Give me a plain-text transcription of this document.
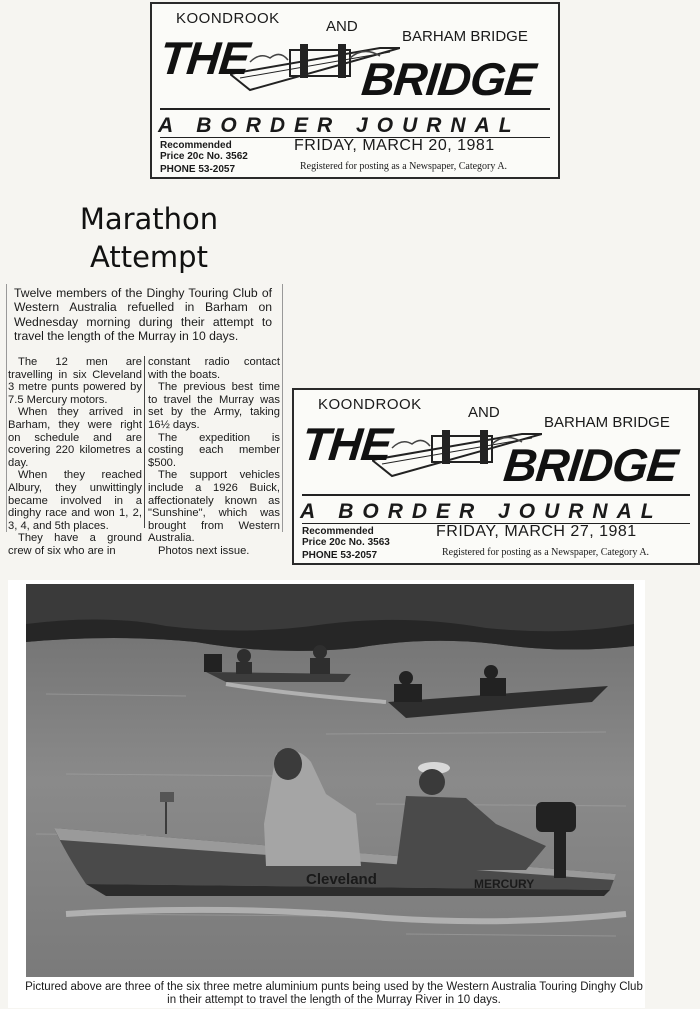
KOONDROOK	AND
BARHAM BRIDGE
THE BRIDGE
A BORDER JOURNAL
Recommended
Price 20c No. 3562
PHONE 53-2057
FRIDAY, MARCH 20, 1981
Registered for posting as a Newspaper, Category A.
Marathon Attempt
Twelve members of the Dinghy Touring Club of Western Australia refuelled in Barham on Wednesday morning during their attempt to travel the length of the Murray in 10 days.

The 12 men are travelling in six Cleveland 3 metre punts powered by 7.5 Mercury motors.

When they arrived in Barham, they were right on schedule and are covering 220 kilometres a day.

When they reached Albury, they unwittingly became involved in a dinghy race and won 1, 2, 3, 4, and 5th places.

They have a ground crew of six who are in

constant radio contact with the boats.

The previous best time to travel the Murray was set by the Army, taking 16½ days.

The expedition is costing each member $500.

The support vehicles include a 1926 Buick, affectionately known as "Sunshine", which was brought from Western Australia.

Photos next issue.

KOONDROOK	AND
BARHAM BRIDGE
THE BRIDGE
A BORDER JOURNAL
Recommended
Price 20c No. 3563
PHONE 53-2057
FRIDAY, MARCH 27, 1981
Registered for posting as a Newspaper, Category A.
Cleveland	MERCURY
Pictured above are three of the six three metre aluminium punts being used by the Western Australia Touring Dinghy Club in their attempt to travel the length of the Murray River in 10 days.
